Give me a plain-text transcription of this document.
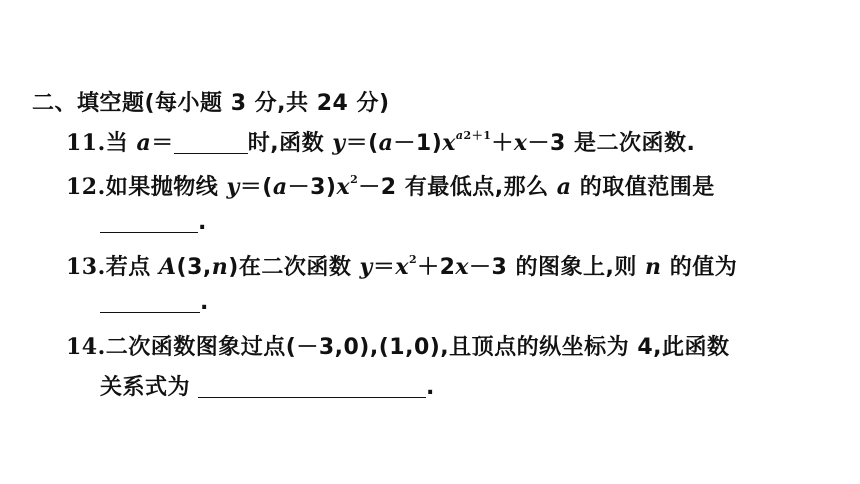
二、填空题(每小题 3 分,共 24 分)
11.当 a＝	时,函数 $y=(a-1)x^{a2+1}+x-3$ 是二次函数.
12.如果抛物线 $y=(a-3)x^2-2$ 有最低点,那么 a 的取值范围是
.
13.若点 A(3,n)在二次函数 $y=x^2+2x-3$ 的图象上,则 n 的值为
.
14.二次函数图象过点(－3,0),(1,0),且顶点的纵坐标为 4,此函数
关系式为	.
